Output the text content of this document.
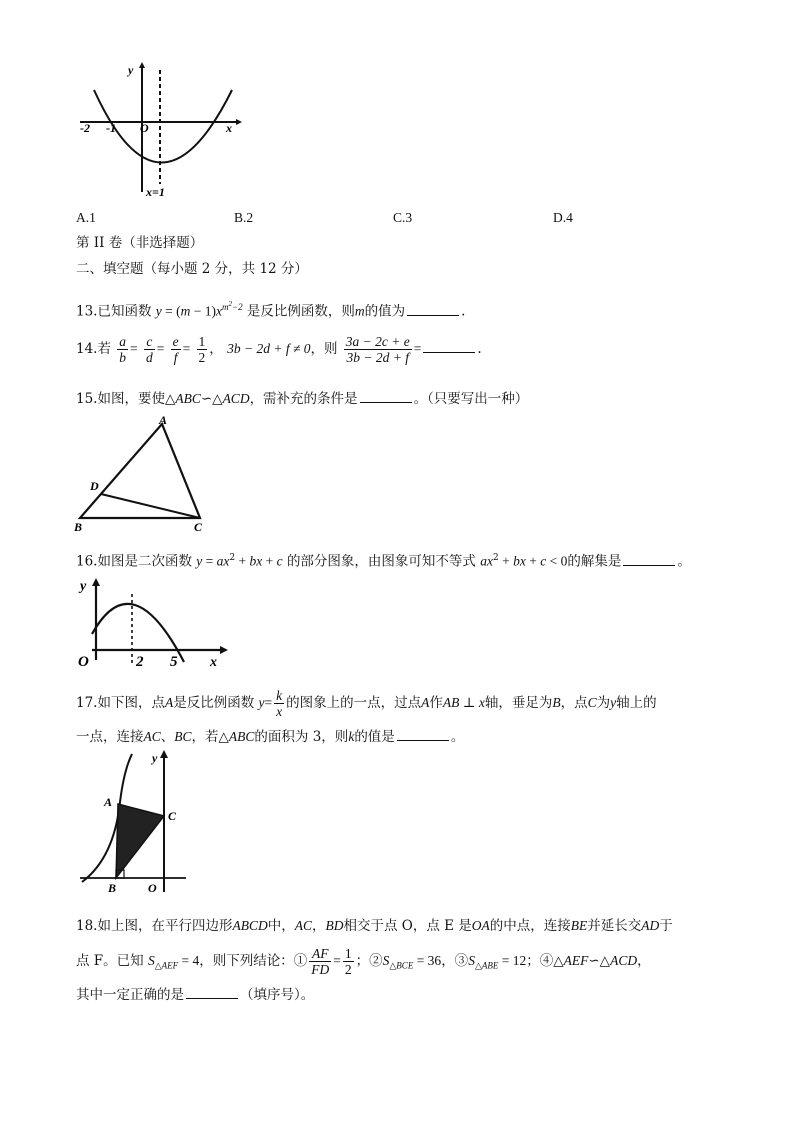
y
-2 -1 O	x
x=1
A.1	B.2	C.3	D.4
第 II 卷（非选择题）
二、填空题（每小题 2 分，共 12 分）
13.已知函数 $y = (m - 1)x^{m^2-2}$ 是反比例函数，则m的值为	.
14.若 $\frac{a}{b} = \frac{c}{d} = \frac{e}{f} = \frac{1}{2}$ ， 3b − 2d + f ≠ 0，则 $\frac{3a - 2c + e}{3b - 2d + f}$ =	.
15.如图，要使△ABC∽△ACD，需补充的条件是	。（只要写出一种）
A
D
B	C
16.如图是二次函数 $y = ax^2$ + bx + c 的部分图象，由图象可知不等式 $ax^2$ + bx + c < 0的解集是	。
y
O	2 5 x
17.如下图，点A是反比例函数 $y= \frac{k}{x}$ 的图象上的一点，过点A作AB ⊥ x轴，垂足为B，点C为y轴上的
一点，连接AC、BC，若△ABC的面积为 3，则k的值是	。
y
A
C
B	O
18.如上图，在平行四边形ABCD中，AC，BD相交于点 O，点 E 是OA的中点，连接BE并延长交AD于
点 F。已知 $S_{\triangle AEF} = 4$，则下列结论：① $\frac{AF}{FD} = \frac{1}{2}$ ；$②S_{\triangle BCE} = 36$，$③S_{\triangle ABE} = 12$；④△AEF∽△ACD，
其中一定正确的是	（填序号）。
